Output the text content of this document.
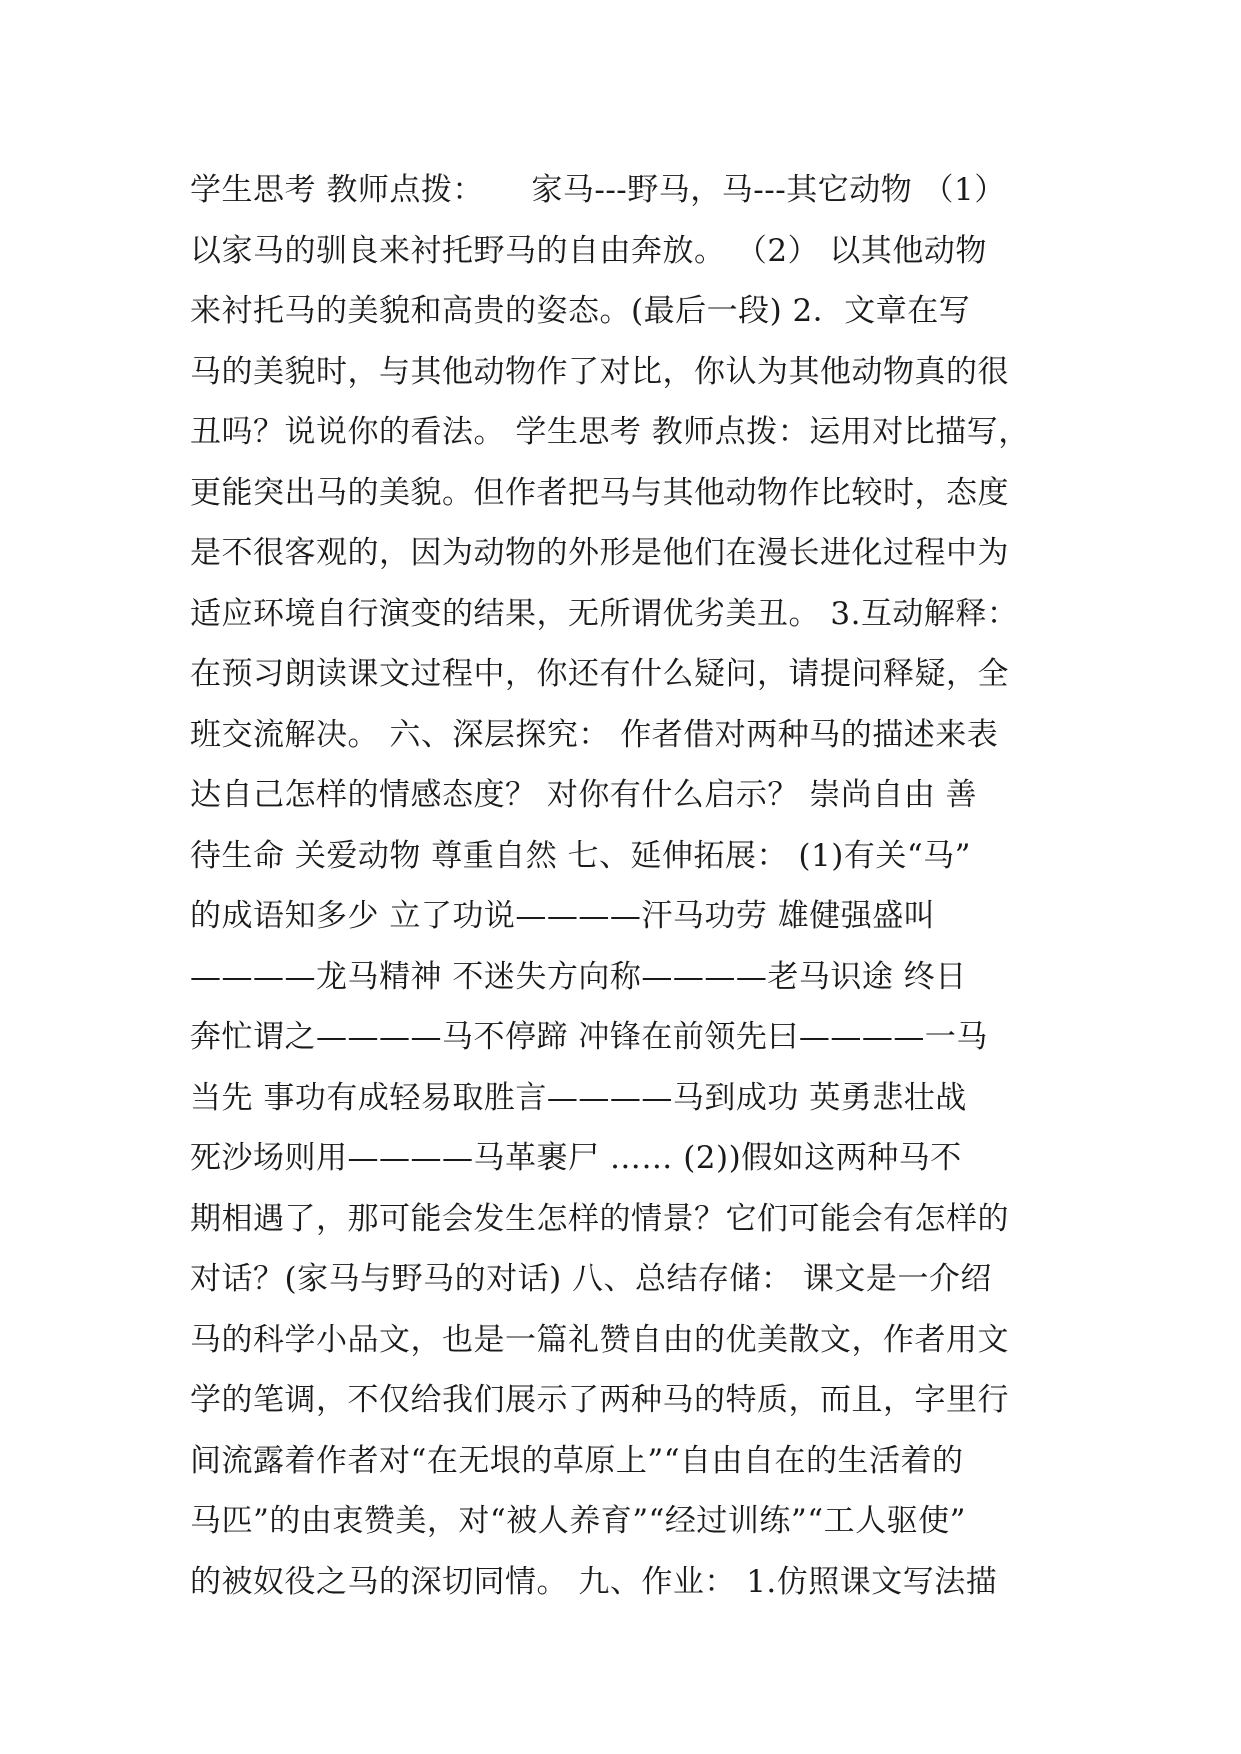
学生思考 教师点拨：　　家马---野马，马---其它动物 （1）
以家马的驯良来衬托野马的自由奔放。 （2） 以其他动物
来衬托马的美貌和高贵的姿态。(最后一段) 2．文章在写
马的美貌时，与其他动物作了对比，你认为其他动物真的很
丑吗？说说你的看法。 学生思考 教师点拨：运用对比描写，
更能突出马的美貌。但作者把马与其他动物作比较时，态度
是不很客观的，因为动物的外形是他们在漫长进化过程中为
适应环境自行演变的结果，无所谓优劣美丑。 3.互动解释：
在预习朗读课文过程中，你还有什么疑问，请提问释疑，全
班交流解决。 六、深层探究： 作者借对两种马的描述来表
达自己怎样的情感态度？ 对你有什么启示？ 崇尚自由 善
待生命 关爱动物 尊重自然 七、延伸拓展： (1)有关“马”
的成语知多少 立了功说————汗马功劳 雄健强盛叫
————龙马精神 不迷失方向称————老马识途 终日
奔忙谓之————马不停蹄 冲锋在前领先曰————一马
当先 事功有成轻易取胜言————马到成功 英勇悲壮战
死沙场则用————马革裹尸 …… (2))假如这两种马不
期相遇了，那可能会发生怎样的情景？它们可能会有怎样的
对话？(家马与野马的对话) 八、总结存储： 课文是一介绍
马的科学小品文，也是一篇礼赞自由的优美散文，作者用文
学的笔调，不仅给我们展示了两种马的特质，而且，字里行
间流露着作者对“在无垠的草原上”“自由自在的生活着的
马匹”的由衷赞美，对“被人养育”“经过训练”“工人驱使”
的被奴役之马的深切同情。 九、作业： 1.仿照课文写法描
